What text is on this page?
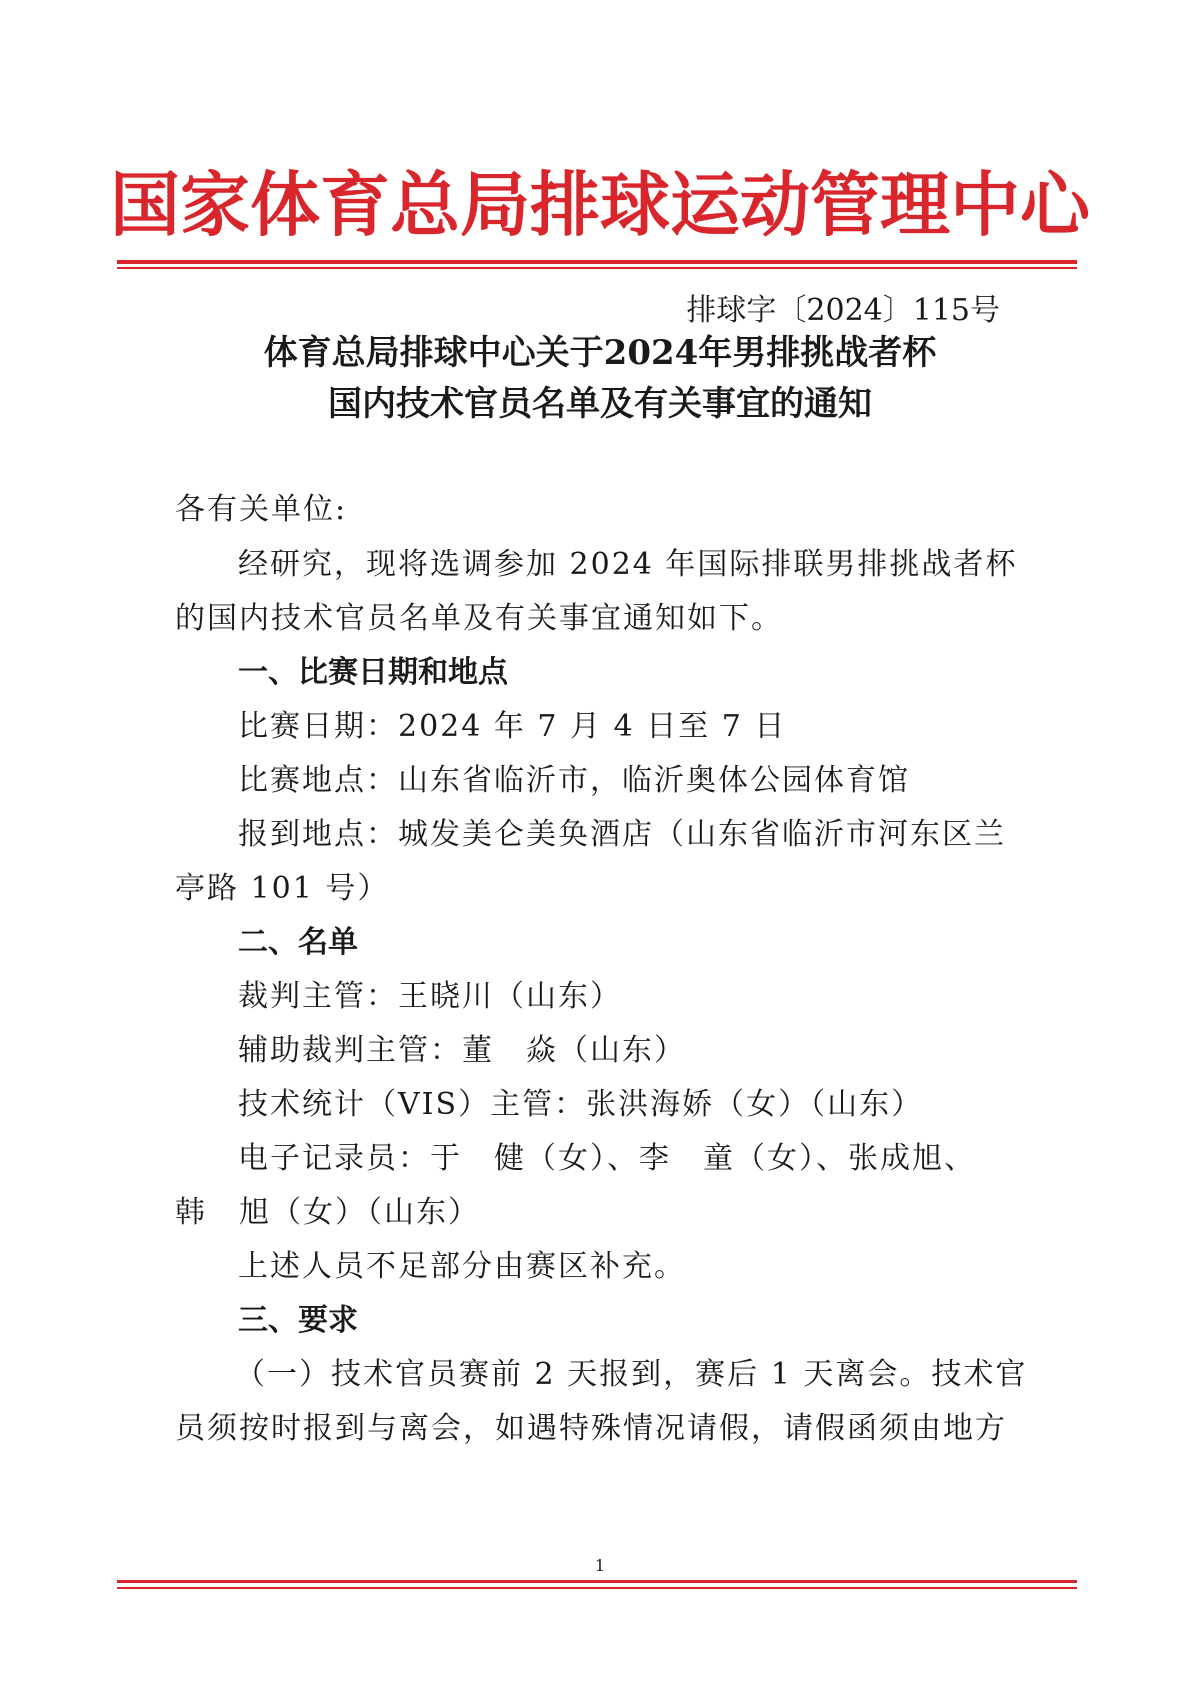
国家体育总局排球运动管理中心
排球字〔2024〕115号
体育总局排球中心关于2024年男排挑战者杯
国内技术官员名单及有关事宜的通知
各有关单位:
经研究，现将选调参加 2024 年国际排联男排挑战者杯
的国内技术官员名单及有关事宜通知如下。
一、比赛日期和地点
比赛日期：2024 年 7 月 4 日至 7 日
比赛地点：山东省临沂市，临沂奥体公园体育馆
报到地点：城发美仑美奂酒店（山东省临沂市河东区兰
亭路 101 号）
二、名单
裁判主管：王晓川（山东）
辅助裁判主管：董　焱（山东）
技术统计（VIS）主管：张洪海娇（女）（山东）
电子记录员：于　健（女）、李　童（女）、张成旭、
韩　旭（女）（山东）
上述人员不足部分由赛区补充。
三、要求
（一）技术官员赛前 2 天报到，赛后 1 天离会。技术官
员须按时报到与离会，如遇特殊情况请假，请假函须由地方
1
